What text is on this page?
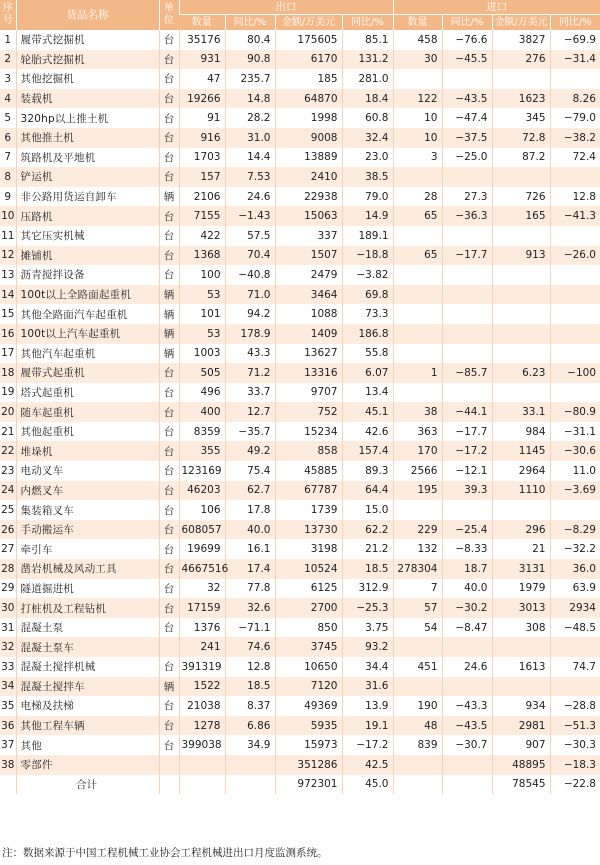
序号	货品名称	单位	出口				进口			
			数量	同比/%	金额/万美元	同比/%	数量	同比/%	金额/万美元	同比/%
1	履带式挖掘机	台	35176	80.4	175605	85.1	458	−76.6	3827	−69.9
2	轮胎式挖掘机	台	931	90.8	6170	131.2	30	−45.5	276	−31.4
3	其他挖掘机	台	47	235.7	185	281.0				
4	装载机	台	19266	14.8	64870	18.4	122	−43.5	1623	8.26
5	320hp以上推土机	台	91	28.2	1998	60.8	10	−47.4	345	−79.0
6	其他推土机	台	916	31.0	9008	32.4	10	−37.5	72.8	−38.2
7	筑路机及平地机	台	1703	14.4	13889	23.0	3	−25.0	87.2	72.4
8	铲运机	台	157	7.53	2410	38.5				
9	非公路用货运自卸车	辆	2106	24.6	22938	79.0	28	27.3	726	12.8
10	压路机	台	7155	−1.43	15063	14.9	65	−36.3	165	−41.3
11	其它压实机械	台	422	57.5	337	189.1				
12	摊铺机	台	1368	70.4	1507	−18.8	65	−17.7	913	−26.0
13	沥青搅拌设备	台	100	−40.8	2479	−3.82				
14	100t以上全路面起重机	辆	53	71.0	3464	69.8				
15	其他全路面汽车起重机	辆	101	94.2	1088	73.3				
16	100t以上汽车起重机	辆	53	178.9	1409	186.8				
17	其他汽车起重机	辆	1003	43.3	13627	55.8				
18	履带式起重机	台	505	71.2	13316	6.07	1	−85.7	6.23	−100
19	塔式起重机	台	496	33.7	9707	13.4				
20	随车起重机	台	400	12.7	752	45.1	38	−44.1	33.1	−80.9
21	其他起重机	台	8359	−35.7	15234	42.6	363	−17.7	984	−31.1
22	堆垛机	台	355	49.2	858	157.4	170	−17.2	1145	−30.6
23	电动叉车	台	123169	75.4	45885	89.3	2566	−12.1	2964	11.0
24	内燃叉车	台	46203	62.7	67787	64.4	195	39.3	1110	−3.69
25	集装箱叉车	台	106	17.8	1739	15.0				
26	手动搬运车	台	608057	40.0	13730	62.2	229	−25.4	296	−8.29
27	牵引车	台	19699	16.1	3198	21.2	132	−8.33	21	−32.2
28	凿岩机械及风动工具	台	4667516	17.4	10524	18.5	278304	18.7	3131	36.0
29	隧道掘进机	台	32	77.8	6125	312.9	7	40.0	1979	63.9
30	打桩机及工程钻机	台	17159	32.6	2700	−25.3	57	−30.2	3013	2934
31	混凝土泵	台	1376	−71.1	850	3.75	54	−8.47	308	−48.5
32	混凝土泵车		241	74.6	3745	93.2				
33	混凝土搅拌机械	台	391319	12.8	10650	34.4	451	24.6	1613	74.7
34	混凝土搅拌车	辆	1522	18.5	7120	31.6				
35	电梯及扶梯	台	21038	8.37	49369	13.9	190	−43.3	934	−28.8
36	其他工程车辆	台	1278	6.86	5935	19.1	48	−43.5	2981	−51.3
37	其他	台	399038	34.9	15973	−17.2	839	−30.7	907	−30.3
38	零部件				351286	42.5			48895	−18.3
	合计				972301	45.0			78545	−22.8
注：数据来源于中国工程机械工业协会工程机械进出口月度监测系统。
